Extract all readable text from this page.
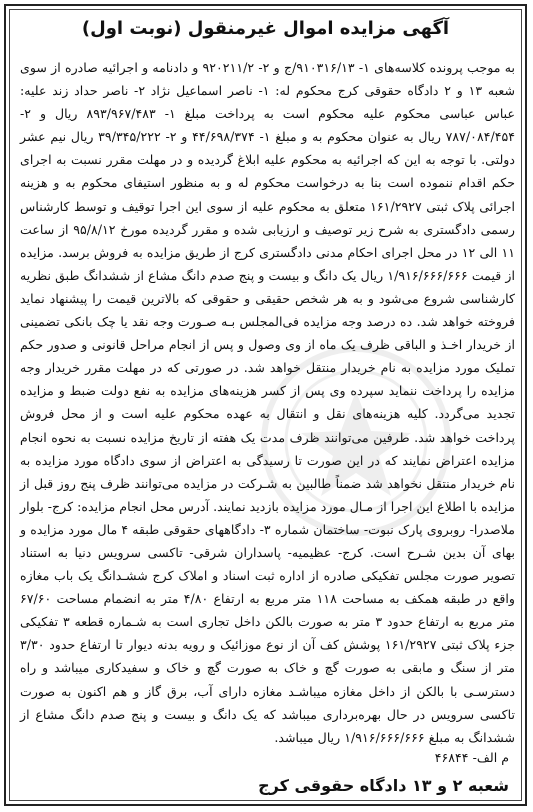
آگهی مزایده اموال غیرمنقول (نوبت اول)
به موجب پرونده کلاسه‌های ۱- ۹۱۰۳۱۶/۱۳/ج و ۲- ۹۲۰۲۱۱/۲ و دادنامه و اجرائیه صادره از سوی شعبه ۱۳ و ۲ دادگاه حقوقی کرج محکوم له: ۱- ناصر اسماعیل نژاد ۲- ناصر حداد زند علیه: عباس عباسی محکوم علیه محکوم است به پرداخت مبلغ ۱- ۸۹۳/۹۶۷/۴۸۳ ریال و ۲- ۷۸۷/۰۸۴/۴۵۴ ریال به عنوان محکوم به و مبلغ ۱- ۴۴/۶۹۸/۳۷۴ و ۲- ۳۹/۳۴۵/۲۲۲ ریال نیم عشر دولتی. با توجه به این که اجرائیه به محکوم علیه ابلاغ گردیده و در مهلت مقرر نسبت به اجرای حکم اقدام ننموده است بنا به درخواست محکوم له و به منظور استیفای محکوم به و هزینه اجرائی پلاک ثبتی ۱۶۱/۲۹۲۷ متعلق به محکوم علیه از سوی این اجرا توقیف و توسط کارشناس رسمی دادگستری به شرح زیر توصیف و ارزیابی شده و مقرر گردیده مورخ ۹۵/۸/۱۲ از ساعت ۱۱ الی ۱۲ در محل اجرای احکام مدنی دادگستری کرج از طریق مزایده به فروش برسد. مزایده از قیمت ۱/۹۱۶/۶۶۶/۶۶۶ ریال یک دانگ و بیست و پنج صدم دانگ مشاع از ششدانگ طبق نظریه کارشناسی شروع می‌شود و به هر شخص حقیقی و حقوقی که بالاترین قیمت را پیشنهاد نماید فروخته خواهد شد. ده درصد وجه مزایده فی‌المجلس بـه صـورت وجه نقد یا چک بانکی تضمینی از خریدار اخـذ و الباقی ظرف یک ماه از وی وصول و پس از انجام مراحل قانونی و صدور حکم تملیک مورد مزایده به نام خریدار منتقل خواهد شد. در صورتی که در مهلت مقرر خریدار وجه مزایده را پرداخت ننماید سپرده وی پس از کسر هزینه‌های مزایده به نفع دولت ضبط و مزایده تجدید می‌گردد. کلیه هزینه‌های نقل و انتقال به عهده محکوم علیه است و از محل فروش پرداخت خواهد شد. طرفین می‌توانند ظرف مدت یک هفته از تاریخ مزایده نسبت به نحوه انجام مزایده اعتراض نمایند که در این صورت تا رسیدگی به اعتراض از سوی دادگاه مورد مزایده به نام خریدار منتقل نخواهد شد ضمناً طالبین به شـرکت در مزایده می‌توانند ظرف پنج روز قبل از مزایده با اطلاع این اجرا از مـال مورد مزایده بازدید نمایند. آدرس محل انجام مزایده: کرج- بلوار ملاصدرا- روبروی پارک نبوت- ساختمان شماره ۳- دادگاههای حقوقی طبقه ۴ مال مورد مزایده و بهای آن بدین شـرح است. کرج- عظیمیه- پاسداران شرقی- تاکسی سرویس دنیا به استناد تصویر صورت مجلس تفکیکی صادره از اداره ثبت اسناد و املاک کرج ششـدانگ یک باب مغازه واقع در طبقه همکف به مساحت ۱۱۸ متر مربع به ارتفاع ۴/۸۰ متر به انضمام مساحت ۶۷/۶۰ متر مربع به ارتفاع حدود ۳ متر به صورت بالکن داخل تجاری است به شـماره قطعه ۳ تفکیکی جزء پلاک ثبتی ۱۶۱/۲۹۲۷ پوشش کف آن از نوع موزائیک و رویه بدنه دیوار تا ارتفاع حدود ۳/۳۰ متر از سنگ و مابقی به صورت گچ و خاک به صورت گچ و خاک و سفیدکاری میباشد و راه دسترسـی با بالکن از داخل مغازه میباشـد مغازه دارای آب، برق گاز و هم اکنون به صورت تاکسی سرویس در حال بهره‌برداری میباشد که یک دانگ و بیست و پنج صدم دانگ مشاع از ششدانگ به مبلغ ۱/۹۱۶/۶۶۶/۶۶۶ ریال میباشد.
م الف- ۴۶۸۴۴
شعبه ۲ و ۱۳ دادگاه حقوقی کرج
